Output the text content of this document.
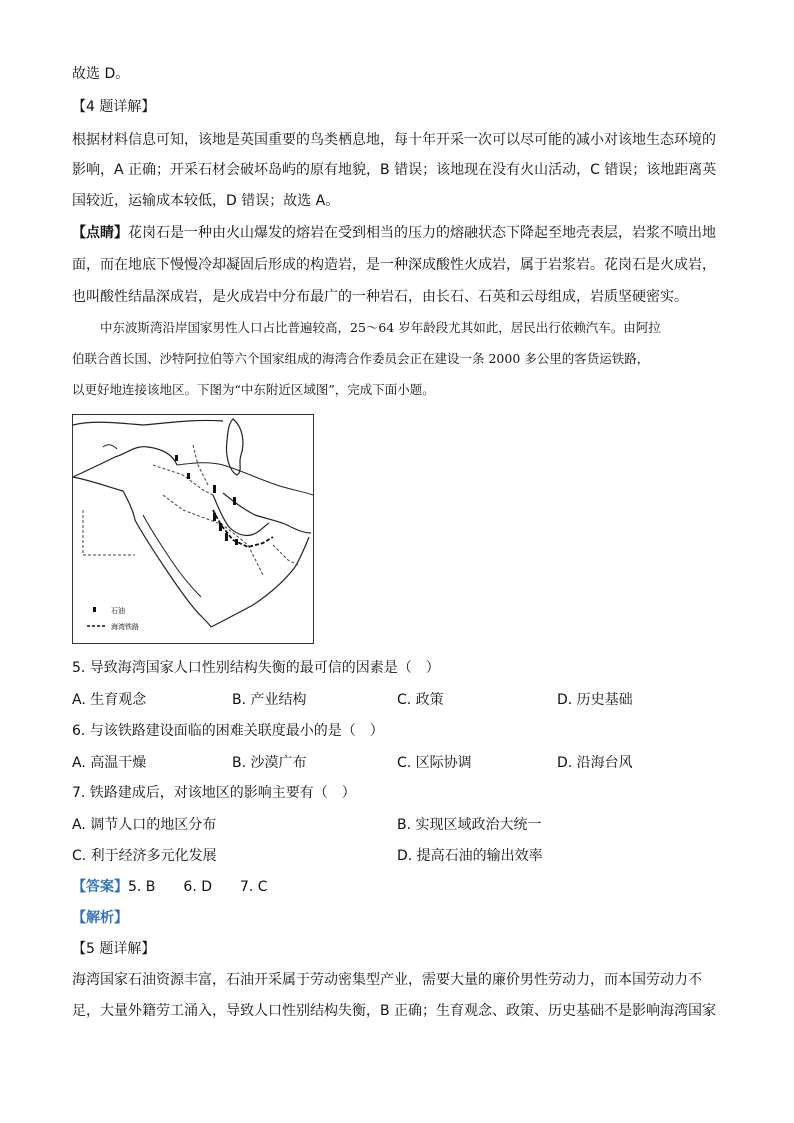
故选 D。
【4 题详解】
根据材料信息可知，该地是英国重要的鸟类栖息地，每十年开采一次可以尽可能的减小对该地生态环境的
影响，A 正确；开采石材会破坏岛屿的原有地貌，B 错误；该地现在没有火山活动，C 错误；该地距离英
国较近，运输成本较低，D 错误；故选 A。
【点睛】花岗石是一种由火山爆发的熔岩在受到相当的压力的熔融状态下降起至地壳表层，岩浆不喷出地
面，而在地底下慢慢冷却凝固后形成的构造岩，是一种深成酸性火成岩，属于岩浆岩。花岗石是火成岩，
也叫酸性结晶深成岩，是火成岩中分布最广的一种岩石，由长石、石英和云母组成，岩质坚硬密实。
中东波斯湾沿岸国家男性人口占比普遍较高，25～64 岁年龄段尤其如此，居民出行依赖汽车。由阿拉
伯联合酋长国、沙特阿拉伯等六个国家组成的海湾合作委员会正在建设一条 2000 多公里的客货运铁路，
以更好地连接该地区。下图为“中东附近区域图”，完成下面小题。
石油
海湾铁路
5. 导致海湾国家人口性别结构失衡的最可信的因素是（　）
A. 生育观念	B. 产业结构	C. 政策	D. 历史基础
6. 与该铁路建设面临的困难关联度最小的是（　）
A. 高温干燥	B. 沙漠广布	C. 区际协调	D. 沿海台风
7. 铁路建成后，对该地区的影响主要有（　）
A. 调节人口的地区分布	B. 实现区域政治大统一
C. 利于经济多元化发展	D. 提高石油的输出效率
【答案】5. B　　6. D　　7. C
【解析】
【5 题详解】
海湾国家石油资源丰富，石油开采属于劳动密集型产业，需要大量的廉价男性劳动力，而本国劳动力不
足，大量外籍劳工涌入，导致人口性别结构失衡，B 正确；生育观念、政策、历史基础不是影响海湾国家
